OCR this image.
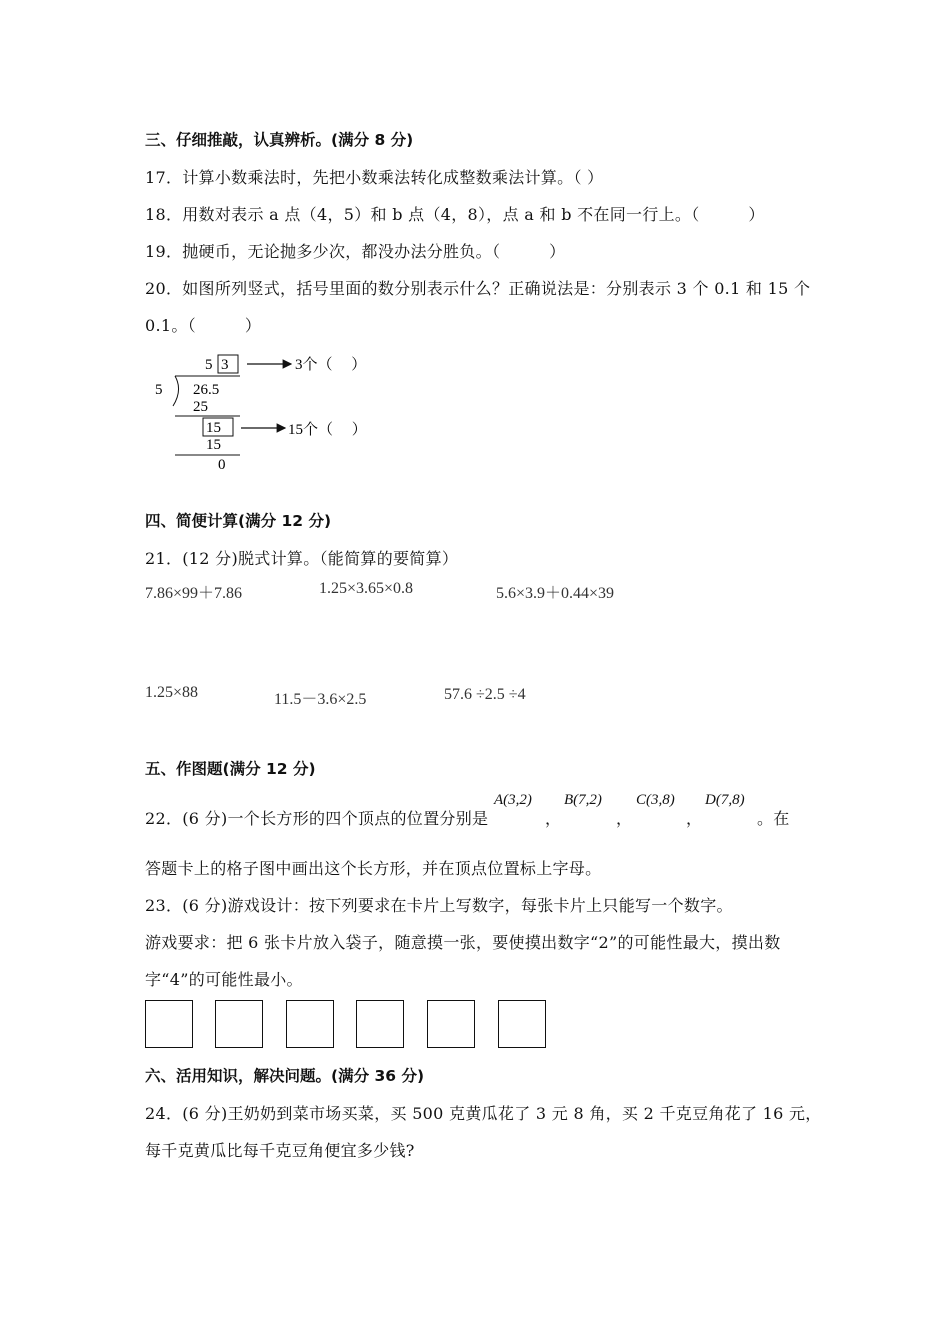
三、仔细推敲，认真辨析。(满分 8 分)
17．计算小数乘法时，先把小数乘法转化成整数乘法计算。（ ）
18．用数对表示 a 点（4，5）和 b 点（4，8），点 a 和 b 不在同一行上。（　　　）
19．抛硬币，无论抛多少次，都没办法分胜负。（　　　）
20．如图所列竖式，括号里面的数分别表示什么？正确说法是：分别表示 3 个 0.1 和 15 个
0.1。（　　　）
5 3	3个（　 ）
5 26.5
25
15	15个（　 ）
15
0
四、简便计算(满分 12 分)
21．(12 分)脱式计算。（能简算的要简算）
7.86×99＋7.86	1.25×3.65×0.8	5.6×3.9＋0.44×39
1.25×88	11.5－3.6×2.5	57.6 ÷2.5 ÷4
五、作图题(满分 12 分)
22．(6 分)一个长方形的四个顶点的位置分别是
A(3,2)
，
B(7,2)
，
C(3,8)
，
D(7,8)
。在
答题卡上的格子图中画出这个长方形，并在顶点位置标上字母。
23．(6 分)游戏设计：按下列要求在卡片上写数字，每张卡片上只能写一个数字。
游戏要求：把 6 张卡片放入袋子，随意摸一张，要使摸出数字“2”的可能性最大，摸出数
字“4”的可能性最小。
六、活用知识，解决问题。(满分 36 分)
24．(6 分)王奶奶到菜市场买菜，买 500 克黄瓜花了 3 元 8 角，买 2 千克豆角花了 16 元，
每千克黄瓜比每千克豆角便宜多少钱?
